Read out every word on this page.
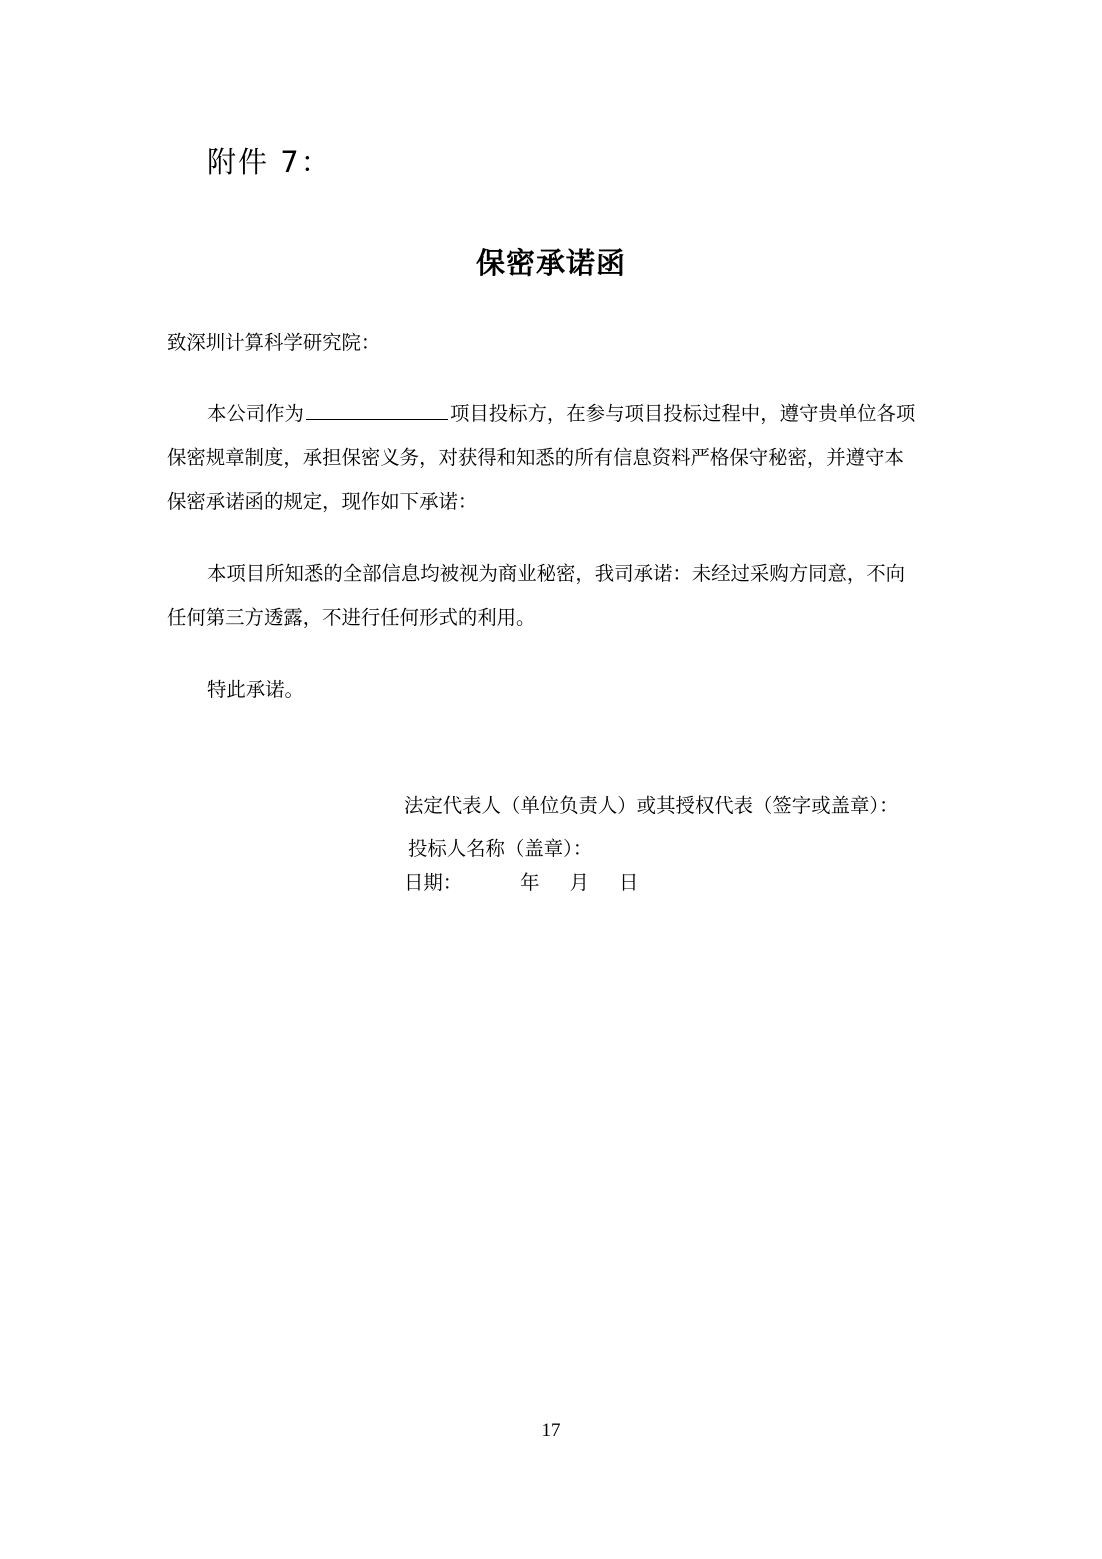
附件 7：
保密承诺函
致深圳计算科学研究院：
本公司作为	项目投标方，在参与项目投标过程中，遵守贵单位各项
保密规章制度，承担保密义务，对获得和知悉的所有信息资料严格保守秘密，并遵守本
保密承诺函的规定，现作如下承诺：
本项目所知悉的全部信息均被视为商业秘密，我司承诺：未经过采购方同意，不向
任何第三方透露，不进行任何形式的利用。
特此承诺。
法定代表人（单位负责人）或其授权代表（签字或盖章）：
投标人名称（盖章）：
日期：	年 月 日
17
